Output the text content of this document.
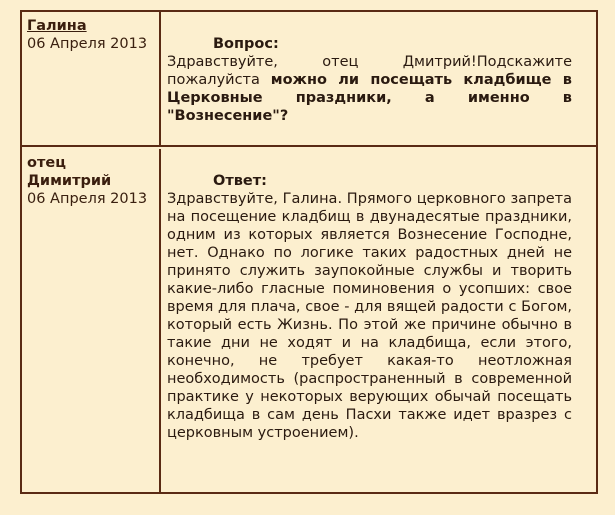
Галина
06 Апреля 2013	Вопрос:

Здравствуйте, отец Дмитрий!Подскажите пожалуйста можно ли посещать кладбище в Церковные праздники, а именно в "Вознесение"?

отец
Димитрий
06 Апреля 2013
Ответ:

Здравствуйте, Галина. Прямого церковного запрета на посещение кладбищ в двунадесятые праздники, одним из которых является Вознесение Господне, нет. Однако по логике таких радостных дней не принято служить заупокойные службы и творить какие-либо гласные поминовения о усопших: свое время для плача, свое - для вящей радости с Богом, который есть Жизнь. По этой же причине обычно в такие дни не ходят и на кладбища, если этого, конечно, не требует какая-то неотложная необходимость (распространенный в современной практике у некоторых верующих обычай посещать кладбища в сам день Пасхи также идет вразрез с церковным устроением).
